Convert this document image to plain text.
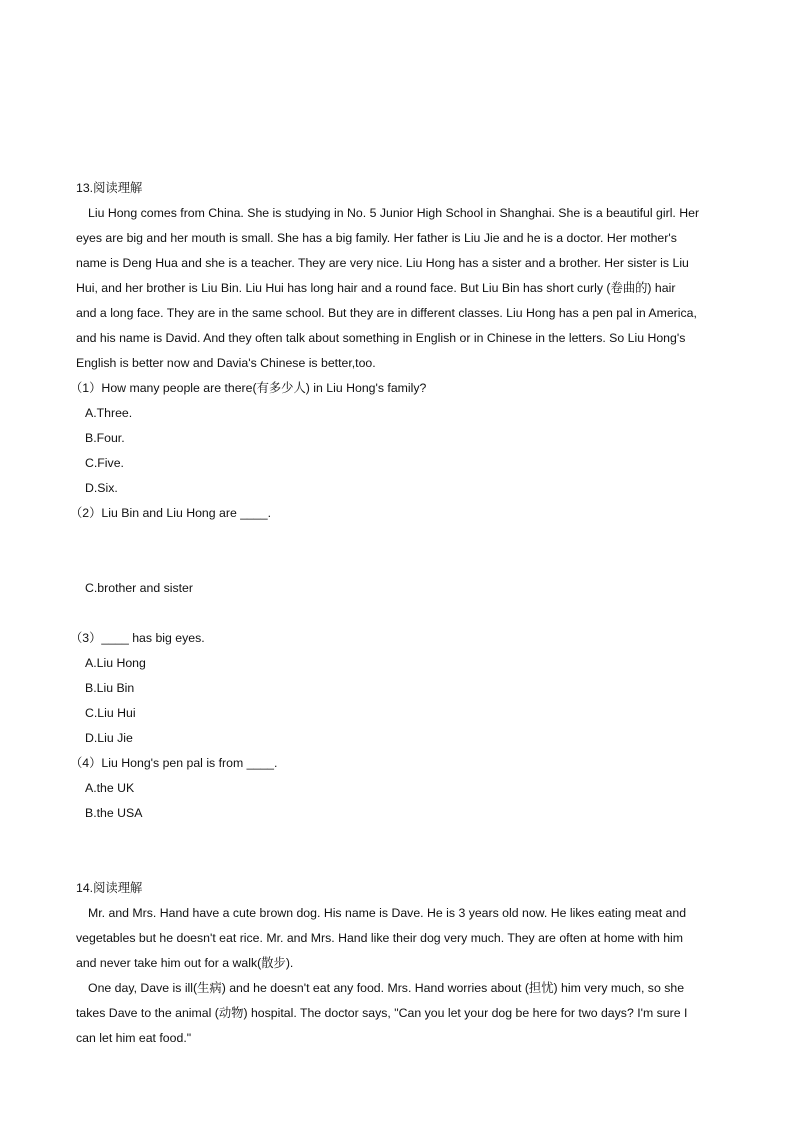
13.阅读理解
Liu Hong comes from China. She is studying in No. 5 Junior High School in Shanghai. She is a beautiful girl. Her
eyes are big and her mouth is small. She has a big family. Her father is Liu Jie and he is a doctor. Her mother's
name is Deng Hua and she is a teacher. They are very nice. Liu Hong has a sister and a brother. Her sister is Liu
Hui, and her brother is Liu Bin. Liu Hui has long hair and a round face. But Liu Bin has short curly (卷曲的) hair
and a long face. They are in the same school. But they are in different classes. Liu Hong has a pen pal in America,
and his name is David. And they often talk about something in English or in Chinese in the letters. So Liu Hong's
English is better now and Davia's Chinese is better,too.
（1）How many people are there(有多少人) in Liu Hong's family?
A.Three.
B.Four.
C.Five.
D.Six.
（2）Liu Bin and Liu Hong are ____.
C.brother and sister
（3）____ has big eyes.
A.Liu Hong
B.Liu Bin
C.Liu Hui
D.Liu Jie
（4）Liu Hong's pen pal is from ____.
A.the UK
B.the USA
14.阅读理解
Mr. and Mrs. Hand have a cute brown dog. His name is Dave. He is 3 years old now. He likes eating meat and
vegetables but he doesn't eat rice. Mr. and Mrs. Hand like their dog very much. They are often at home with him
and never take him out for a walk(散步).
One day, Dave is ill(生病) and he doesn't eat any food. Mrs. Hand worries about (担忧) him very much, so she
takes Dave to the animal (动物) hospital. The doctor says, "Can you let your dog be here for two days? I'm sure I
can let him eat food."
